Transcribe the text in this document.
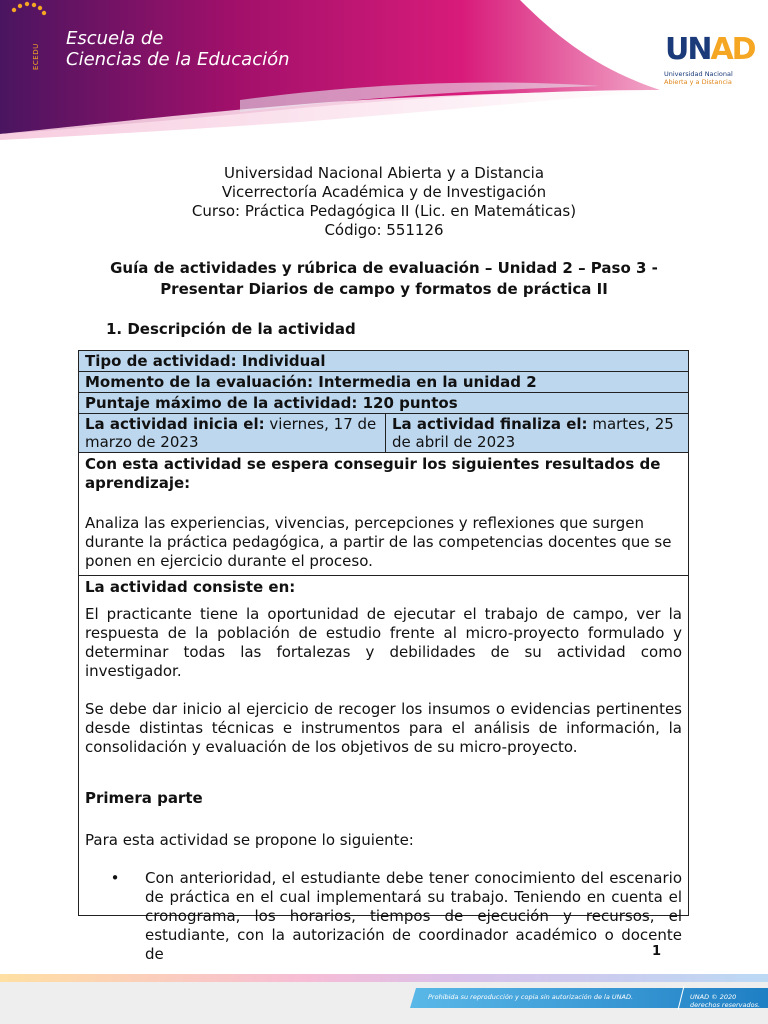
ECEDU
Escuela de
Ciencias de la Educación	UNAD
Universidad Nacional
Abierta y a Distancia
Universidad Nacional Abierta y a Distancia
Vicerrectoría Académica y de Investigación
Curso: Práctica Pedagógica II (Lic. en Matemáticas)
Código: 551126
Guía de actividades y rúbrica de evaluación – Unidad 2 – Paso 3 -
Presentar Diarios de campo y formatos de práctica II
1. Descripción de la actividad
Tipo de actividad: Individual
Momento de la evaluación: Intermedia en la unidad 2
Puntaje máximo de la actividad: 120 puntos
La actividad inicia el: viernes, 17 de marzo de 2023
La actividad finaliza el: martes, 25 de abril de 2023
Con esta actividad se espera conseguir los siguientes resultados de aprendizaje:
Analiza las experiencias, vivencias, percepciones y reflexiones que surgen durante la práctica pedagógica, a partir de las competencias docentes que se ponen en ejercicio durante el proceso.
La actividad consiste en:
El practicante tiene la oportunidad de ejecutar el trabajo de campo, ver la respuesta de la población de estudio frente al micro-proyecto formulado y determinar todas las fortalezas y debilidades de su actividad como investigador.
Se debe dar inicio al ejercicio de recoger los insumos o evidencias pertinentes desde distintas técnicas e instrumentos para el análisis de información, la consolidación y evaluación de los objetivos de su micro-proyecto.
Primera parte
Para esta actividad se propone lo siguiente:
•	Con anterioridad, el estudiante debe tener conocimiento del escenario de práctica en el cual implementará su trabajo. Teniendo en cuenta el cronograma, los horarios, tiempos de ejecución y recursos, el estudiante, con la autorización de coordinador académico o docente de	1
Prohibida su reproducción y copia sin autorización de la UNAD.	UNAD © 2020 derechos reservados.
